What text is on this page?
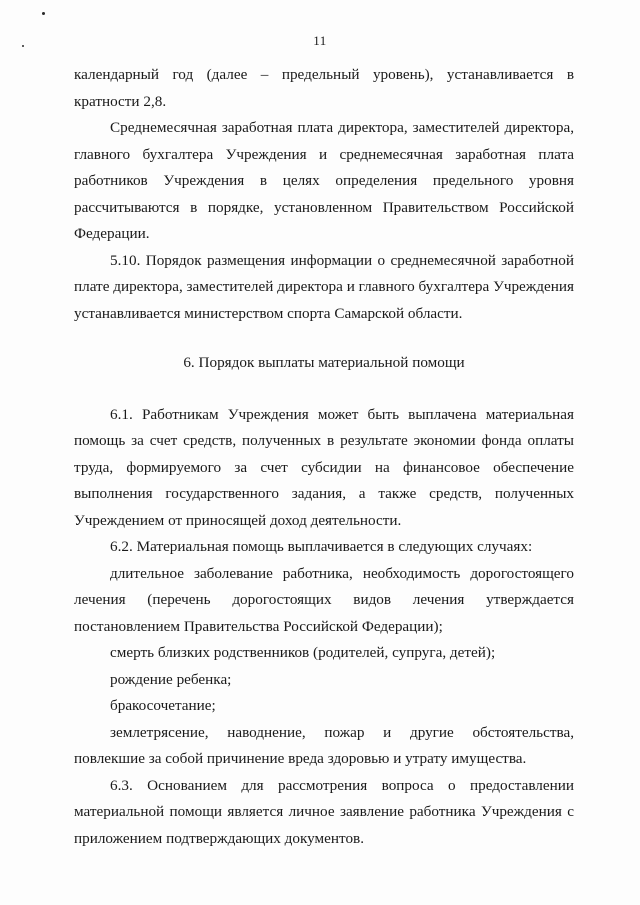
11

календарный год (далее – предельный уровень), устанавливается в кратности 2,8.

Среднемесячная заработная плата директора, заместителей директора, главного бухгалтера Учреждения и среднемесячная заработная плата работников Учреждения в целях определения предельного уровня рассчитываются в порядке, установленном Правительством Российской Федерации.

5.10. Порядок размещения информации о среднемесячной заработной плате директора, заместителей директора и главного бухгалтера Учреждения устанавливается министерством спорта Самарской области.

6. Порядок выплаты материальной помощи

6.1. Работникам Учреждения может быть выплачена материальная помощь за счет средств, полученных в результате экономии фонда оплаты труда, формируемого за счет субсидии на финансовое обеспечение выполнения государственного задания, а также средств, полученных Учреждением от приносящей доход деятельности.

6.2. Материальная помощь выплачивается в следующих случаях:

длительное заболевание работника, необходимость дорогостоящего лечения (перечень дорогостоящих видов лечения утверждается постановлением Правительства Российской Федерации);

смерть близких родственников (родителей, супруга, детей);

рождение ребенка;

бракосочетание;

землетрясение, наводнение, пожар и другие обстоятельства, повлекшие за собой причинение вреда здоровью и утрату имущества.

6.3. Основанием для рассмотрения вопроса о предоставлении материальной помощи является личное заявление работника Учреждения с приложением подтверждающих документов.
